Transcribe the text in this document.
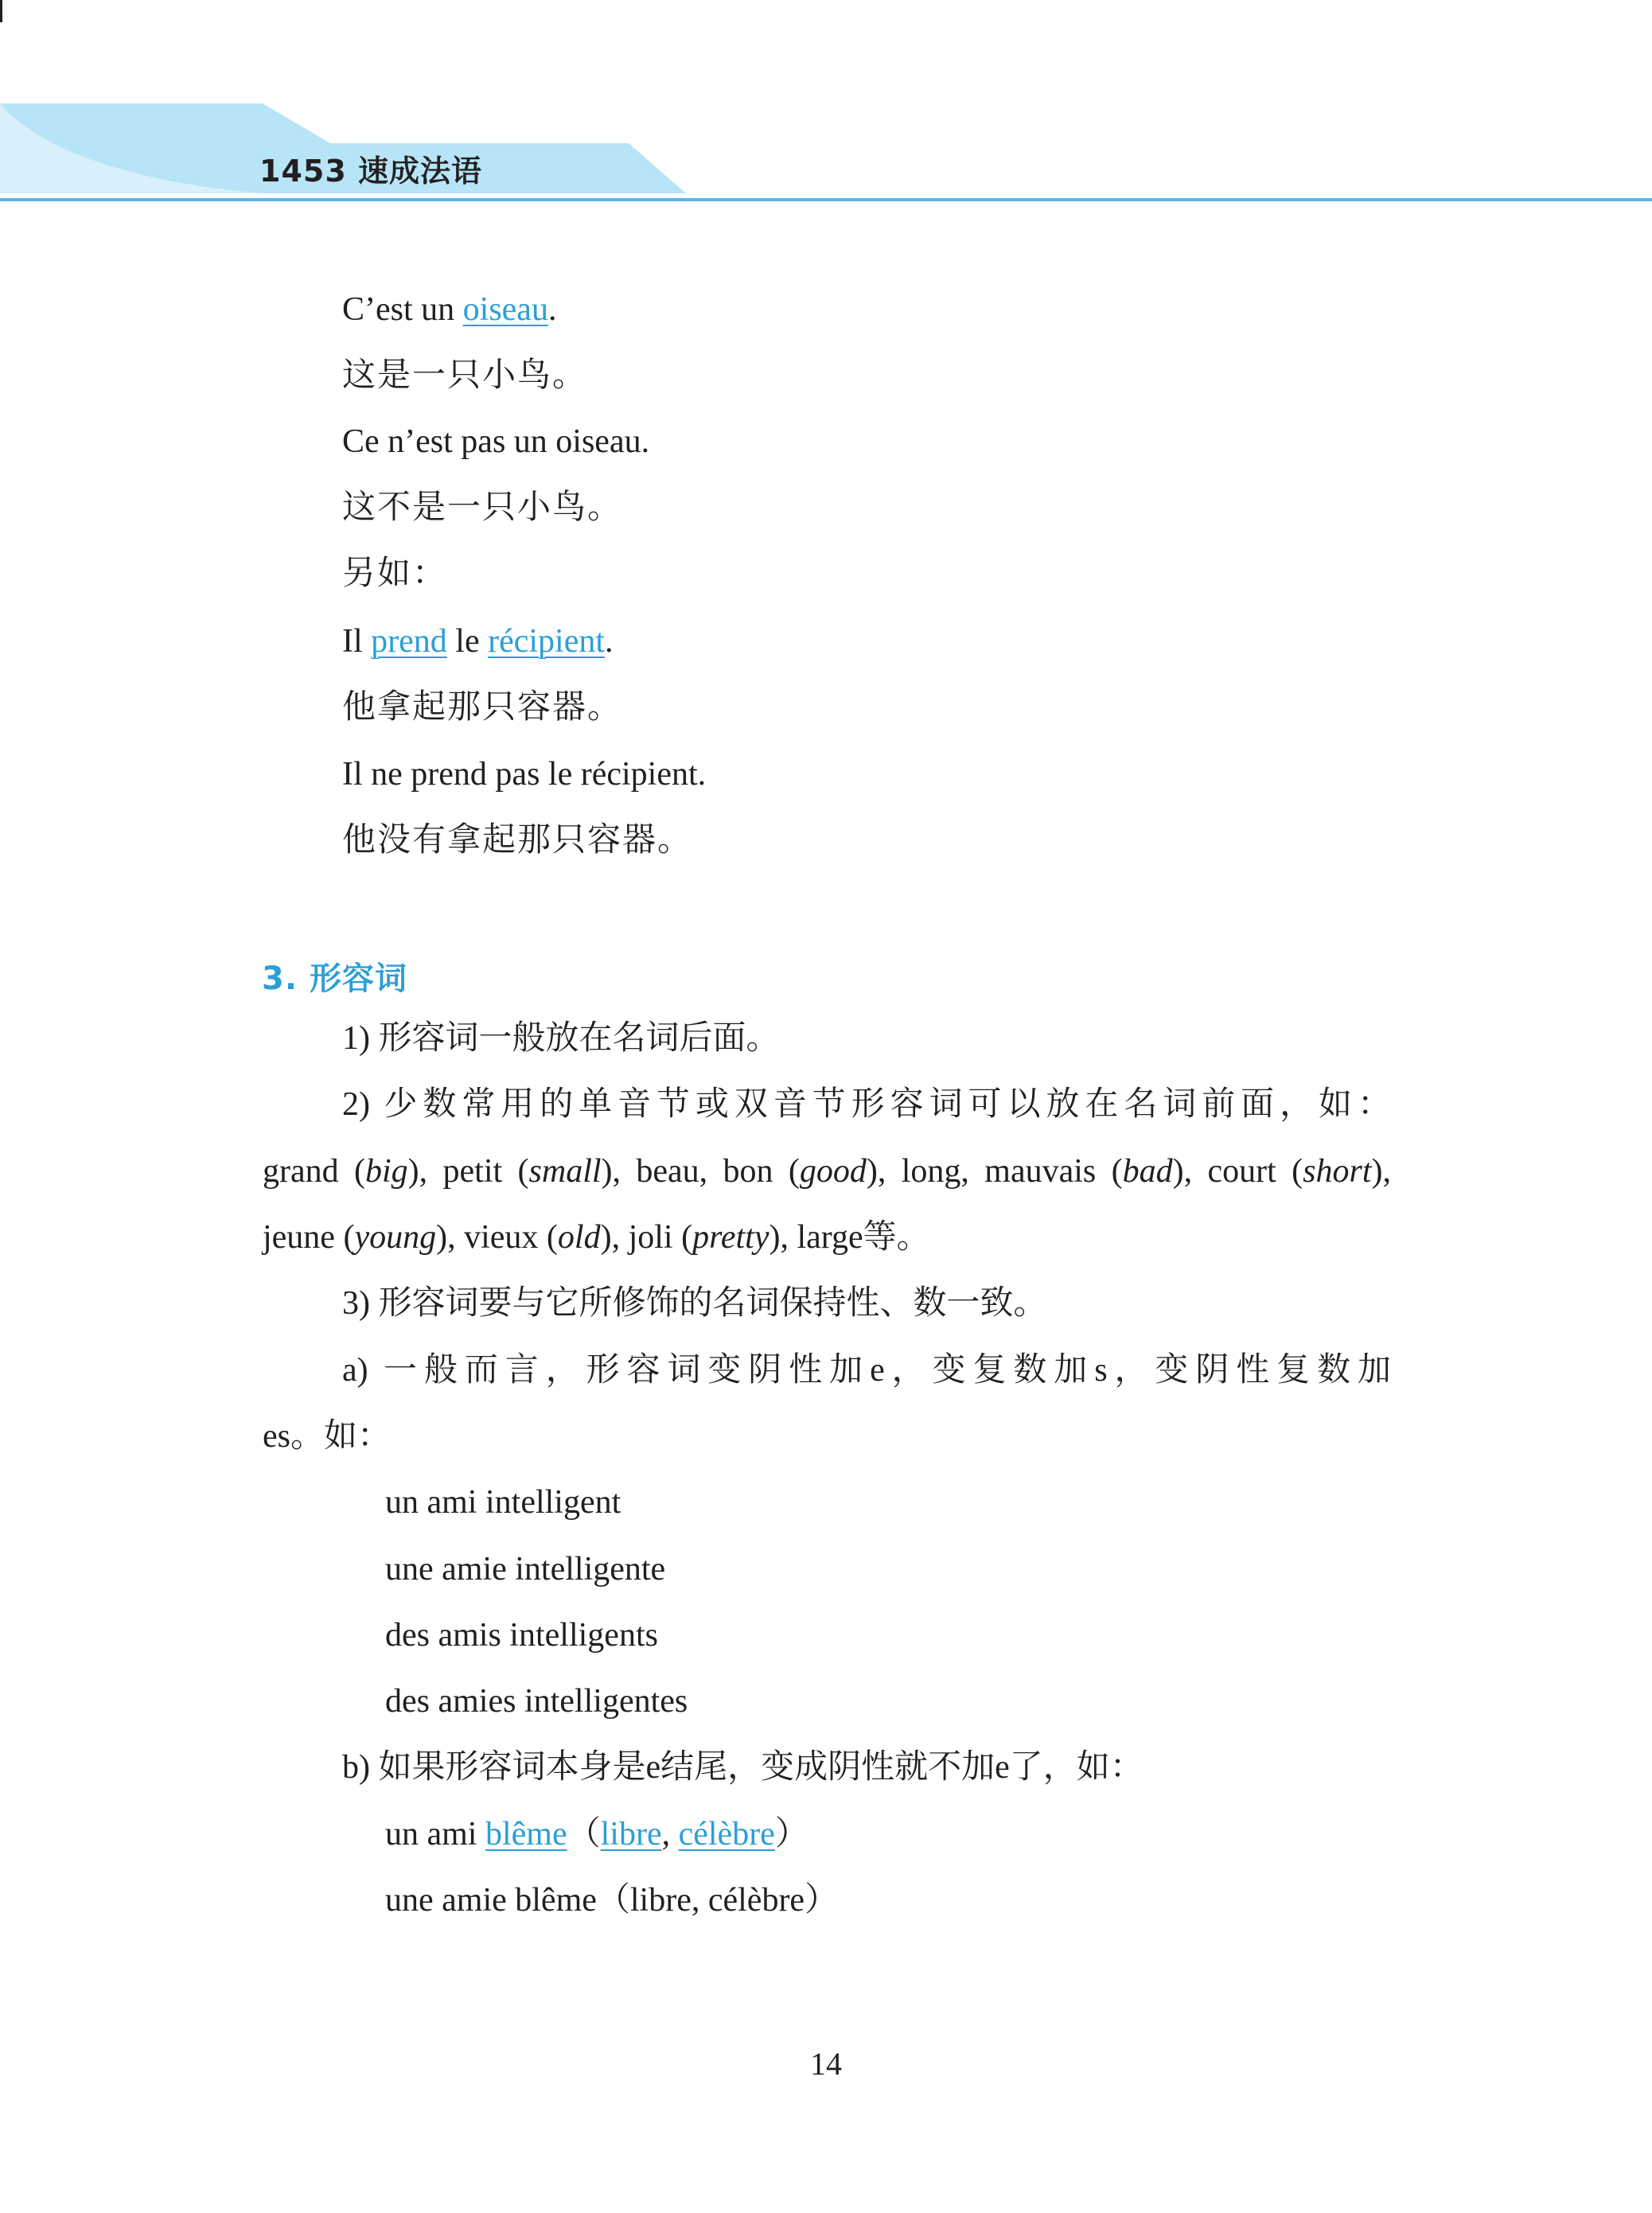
1453 速成法语
C’est un oiseau.
这是一只小鸟。
Ce n’est pas un oiseau.
这不是一只小鸟。
另如：
Il prend le récipient.
他拿起那只容器。
Il ne prend pas le récipient.
他没有拿起那只容器。
3. 形容词
1) 形容词一般放在名词后面。
2) 少数常用的单音节或双音节形容词可以放在名词前面，如：
grand (big), petit (small), beau, bon (good), long, mauvais (bad), court (short),
jeune (young), vieux (old), joli (pretty), large等。
3) 形容词要与它所修饰的名词保持性、数一致。
a) 一般而言，形容词变阴性加e，变复数加s，变阴性复数加
es。如：
un ami intelligent
une amie intelligente
des amis intelligents
des amies intelligentes
b) 如果形容词本身是e结尾，变成阴性就不加e了，如：
un ami blême（libre, célèbre）
une amie blême（libre, célèbre）
14
